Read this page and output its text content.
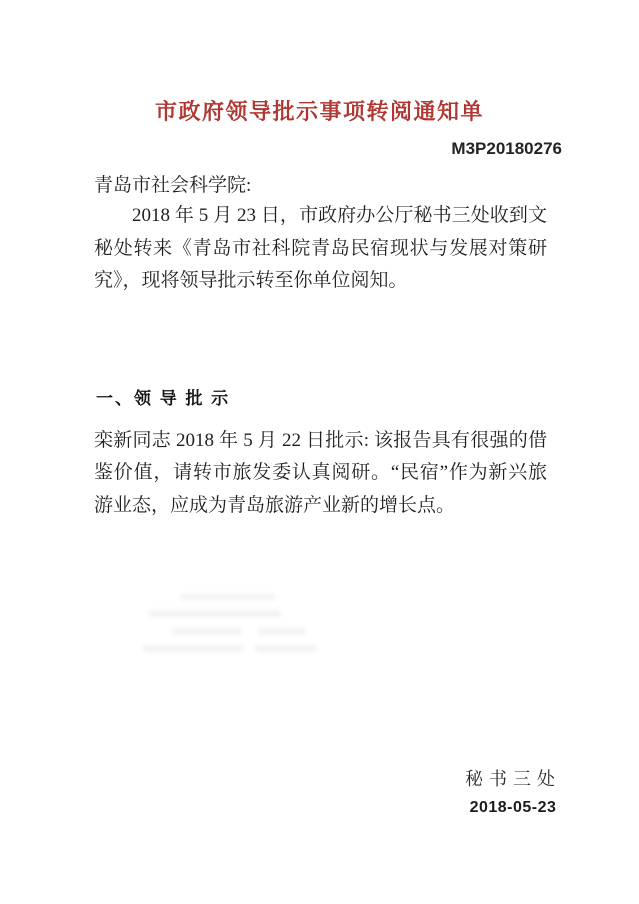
市政府领导批示事项转阅通知单
M3P20180276
青岛市社会科学院:
2018 年 5 月 23 日，市政府办公厅秘书三处收到文秘处转来《青岛市社科院青岛民宿现状与发展对策研究》，现将领导批示转至你单位阅知。
一、领 导 批 示
栾新同志 2018 年 5 月 22 日批示: 该报告具有很强的借鉴价值，请转市旅发委认真阅研。“民宿”作为新兴旅游业态，应成为青岛旅游产业新的增长点。
秘书三处
2018-05-23
